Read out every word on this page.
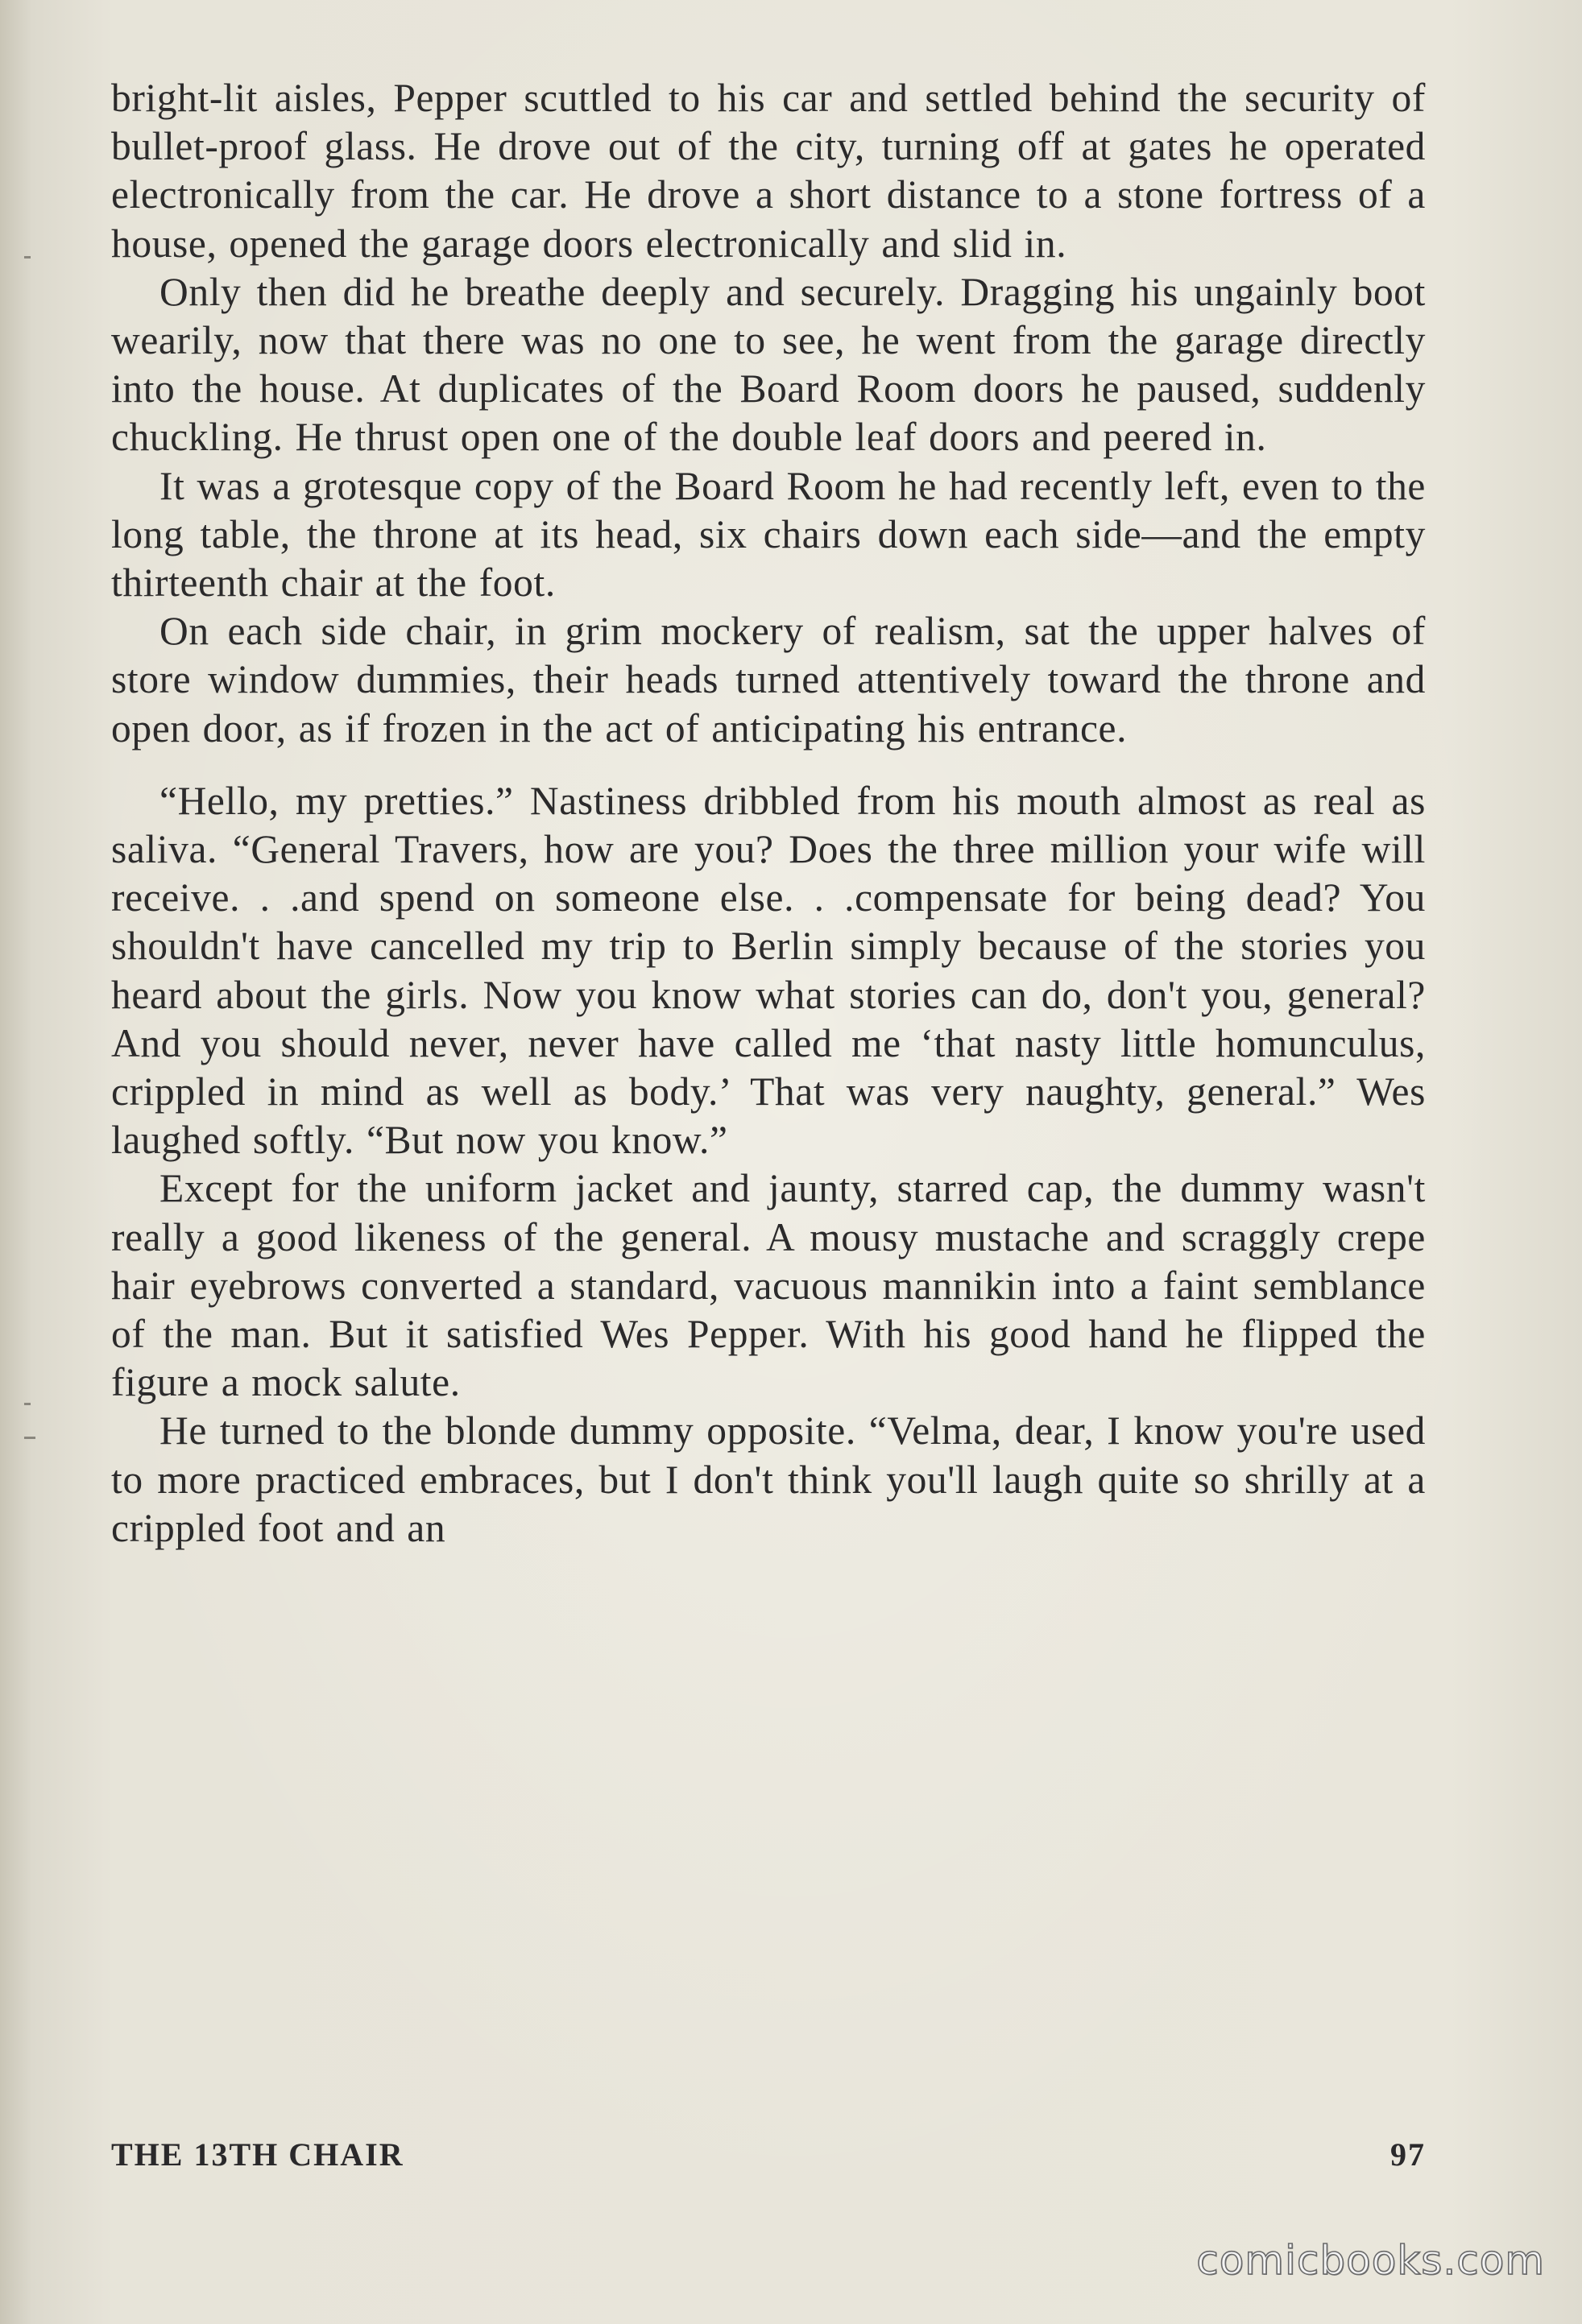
bright-lit aisles, Pepper scuttled to his car and settled behind the security of bullet-proof glass. He drove out of the city, turning off at gates he operated electronically from the car. He drove a short distance to a stone fortress of a house, opened the garage doors electronically and slid in.

Only then did he breathe deeply and securely. Dragging his ungainly boot wearily, now that there was no one to see, he went from the garage directly into the house. At duplicates of the Board Room doors he paused, suddenly chuckling. He thrust open one of the double leaf doors and peered in.

It was a grotesque copy of the Board Room he had recently left, even to the long table, the throne at its head, six chairs down each side—and the empty thirteenth chair at the foot.

On each side chair, in grim mockery of realism, sat the upper halves of store window dummies, their heads turned attentively toward the throne and open door, as if frozen in the act of anticipating his entrance.

“Hello, my pretties.” Nastiness dribbled from his mouth almost as real as saliva. “General Travers, how are you? Does the three million your wife will receive. . .and spend on someone else. . .compensate for being dead? You shouldn't have cancelled my trip to Berlin simply because of the stories you heard about the girls. Now you know what stories can do, don't you, general? And you should never, never have called me ‘that nasty little homunculus, crippled in mind as well as body.’ That was very naughty, general.” Wes laughed softly. “But now you know.”

Except for the uniform jacket and jaunty, starred cap, the dummy wasn't really a good likeness of the general. A mousy mustache and scraggly crepe hair eyebrows converted a standard, vacuous mannikin into a faint semblance of the man. But it satisfied Wes Pepper. With his good hand he flipped the figure a mock salute.

He turned to the blonde dummy opposite. “Velma, dear, I know you're used to more practiced embraces, but I don't think you'll laugh quite so shrilly at a crippled foot and an

THE 13TH CHAIR	97
comicbooks.com
